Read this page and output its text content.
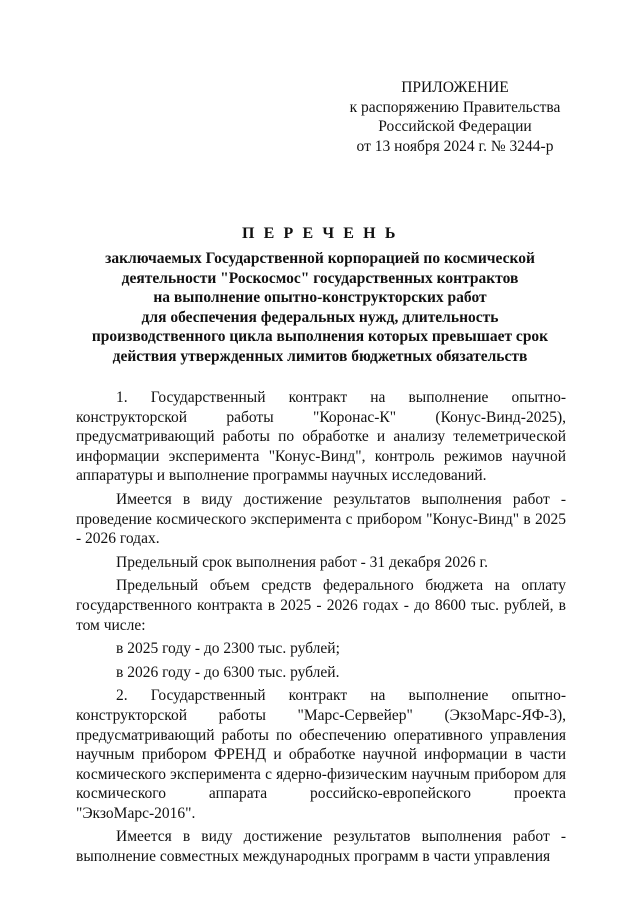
ПРИЛОЖЕНИЕ
к распоряжению Правительства
Российской Федерации
от 13 ноября 2024 г. № 3244-р
П Е Р Е Ч Е Н Ь
заключаемых Государственной корпорацией по космической
деятельности "Роскосмос" государственных контрактов
на выполнение опытно-конструкторских работ
для обеспечения федеральных нужд, длительность
производственного цикла выполнения которых превышает срок
действия утвержденных лимитов бюджетных обязательств

1. Государственный контракт на выполнение опытно-конструкторской работы "Коронас-К" (Конус-Винд-2025), предусматривающий работы по обработке и анализу телеметрической информации эксперимента "Конус-Винд", контроль режимов научной аппаратуры и выполнение программы научных исследований.

Имеется в виду достижение результатов выполнения работ - проведение космического эксперимента с прибором "Конус-Винд" в 2025 - 2026 годах.

Предельный срок выполнения работ - 31 декабря 2026 г.

Предельный объем средств федерального бюджета на оплату государственного контракта в 2025 - 2026 годах - до 8600 тыс. рублей, в том числе:

в 2025 году - до 2300 тыс. рублей;

в 2026 году - до 6300 тыс. рублей.

2. Государственный контракт на выполнение опытно-конструкторской работы "Марс-Сервейер" (ЭкзоМарс-ЯФ-3), предусматривающий работы по обеспечению оперативного управления научным прибором ФРЕНД и обработке научной информации в части космического эксперимента с ядерно-физическим научным прибором для космического аппарата российско-европейского проекта "ЭкзоМарс-2016".

Имеется в виду достижение результатов выполнения работ - выполнение совместных международных программ в части управления
